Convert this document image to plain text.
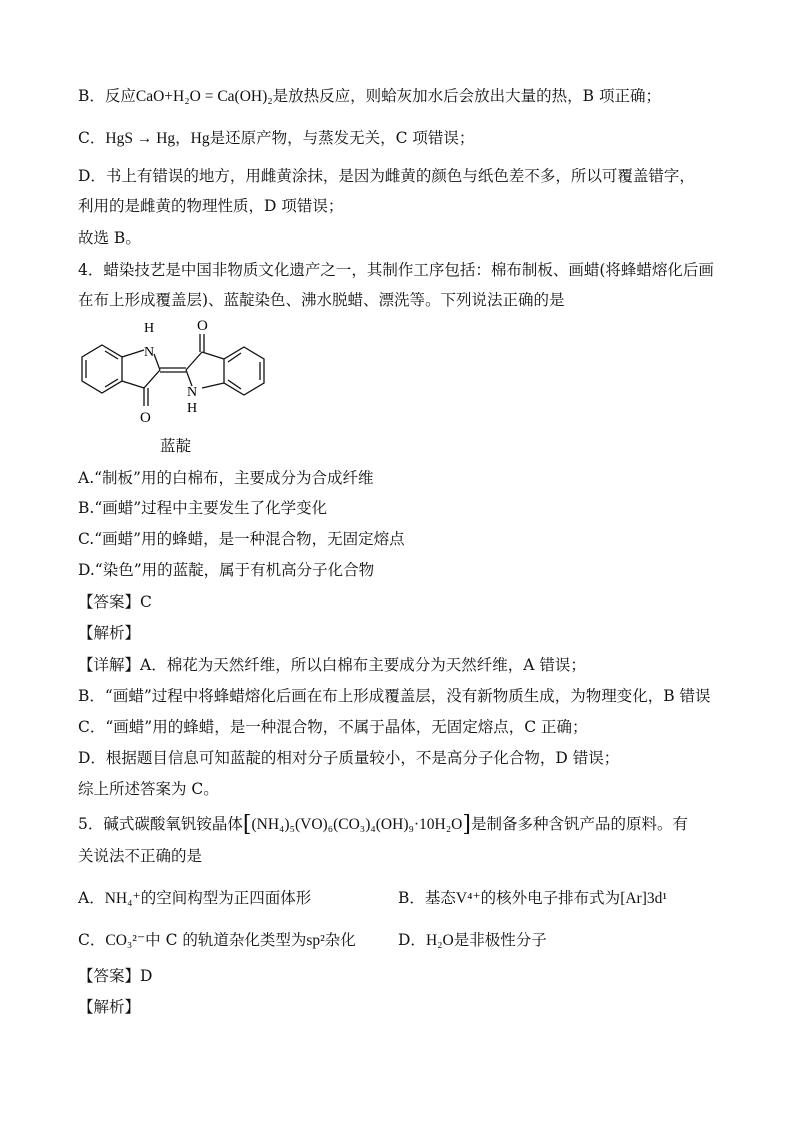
B．反应CaO+H₂O = Ca(OH)₂是放热反应，则蛤灰加水后会放出大量的热，B 项正确；
C．HgS → Hg，Hg是还原产物，与蒸发无关，C 项错误；
D．书上有错误的地方，用雌黄涂抹，是因为雌黄的颜色与纸色差不多，所以可覆盖错字，
利用的是雌黄的物理性质，D 项错误；
故选 B。
4．蜡染技艺是中国非物质文化遗产之一，其制作工序包括：棉布制板、画蜡(将蜂蜡熔化后画
在布上形成覆盖层)、蓝靛染色、沸水脱蜡、漂洗等。下列说法正确的是
H
N
O
O
N
H
蓝靛
A.“制板”用的白棉布，主要成分为合成纤维
B.“画蜡”过程中主要发生了化学变化
C.“画蜡”用的蜂蜡，是一种混合物，无固定熔点
D.“染色”用的蓝靛，属于有机高分子化合物
【答案】C
【解析】
【详解】A．棉花为天然纤维，所以白棉布主要成分为天然纤维，A 错误；
B．“画蜡”过程中将蜂蜡熔化后画在布上形成覆盖层，没有新物质生成，为物理变化，B 错误
C．“画蜡”用的蜂蜡，是一种混合物，不属于晶体，无固定熔点，C 正确；
D．根据题目信息可知蓝靛的相对分子质量较小，不是高分子化合物，D 错误；
综上所述答案为 C。
5．碱式碳酸氧钒铵晶体[(NH₄)₅(VO)₆(CO₃)₄(OH)₉·10H₂O]是制备多种含钒产品的原料。有
关说法不正确的是
A．NH₄⁺的空间构型为正四面体形	B．基态V⁴⁺的核外电子排布式为[Ar]3d¹
C．CO₃²⁻中 C 的轨道杂化类型为sp²杂化	D．H₂O是非极性分子
【答案】D
【解析】
